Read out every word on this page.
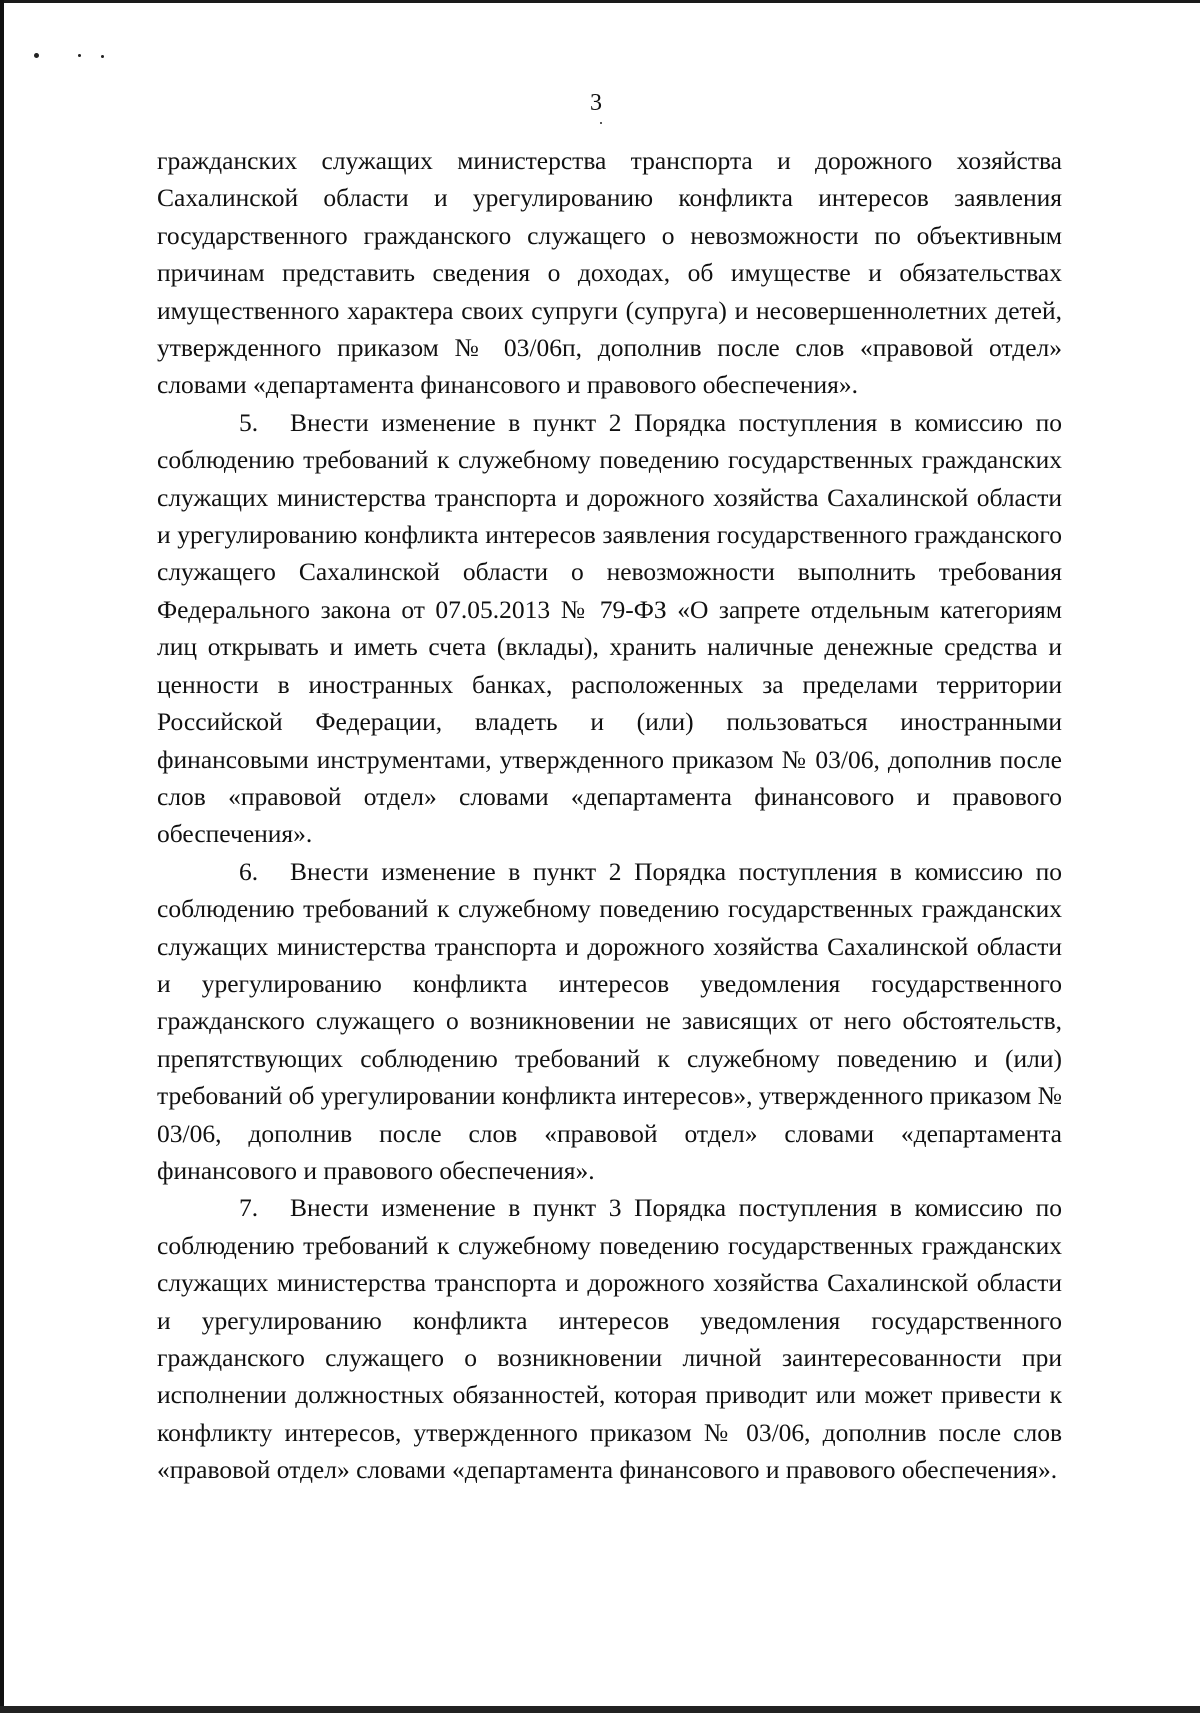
3

гражданских служащих министерства транспорта и дорожного хозяйства Сахалинской области и урегулированию конфликта интересов заявления государственного гражданского служащего о невозможности по объективным причинам представить сведения о доходах, об имуществе и обязательствах имущественного характера своих супруги (супруга) и несовершеннолетних детей, утвержденного приказом № 03/06п, дополнив после слов «правовой отдел» словами «департамента финансового и правового обеспечения».

5. Внести изменение в пункт 2 Порядка поступления в комиссию по соблюдению требований к служебному поведению государственных гражданских служащих министерства транспорта и дорожного хозяйства Сахалинской области и урегулированию конфликта интересов заявления государственного гражданского служащего Сахалинской области о невозможности выполнить требования Федерального закона от 07.05.2013 № 79-ФЗ «О запрете отдельным категориям лиц открывать и иметь счета (вклады), хранить наличные денежные средства и ценности в иностранных банках, расположенных за пределами территории Российской Федерации, владеть и (или) пользоваться иностранными финансовыми инструментами, утвержденного приказом № 03/06, дополнив после слов «правовой отдел» словами «департамента финансового и правового обеспечения».

6. Внести изменение в пункт 2 Порядка поступления в комиссию по соблюдению требований к служебному поведению государственных гражданских служащих министерства транспорта и дорожного хозяйства Сахалинской области и урегулированию конфликта интересов уведомления государственного гражданского служащего о возникновении не зависящих от него обстоятельств, препятствующих соблюдению требований к служебному поведению и (или) требований об урегулировании конфликта интересов», утвержденного приказом № 03/06, дополнив после слов «правовой отдел» словами «департамента финансового и правового обеспечения».

7. Внести изменение в пункт 3 Порядка поступления в комиссию по соблюдению требований к служебному поведению государственных гражданских служащих министерства транспорта и дорожного хозяйства Сахалинской области и урегулированию конфликта интересов уведомления государственного гражданского служащего о возникновении личной заинтересованности при исполнении должностных обязанностей, которая приводит или может привести к конфликту интересов, утвержденного приказом № 03/06, дополнив после слов «правовой отдел» словами «департамента финансового и правового обеспечения».
